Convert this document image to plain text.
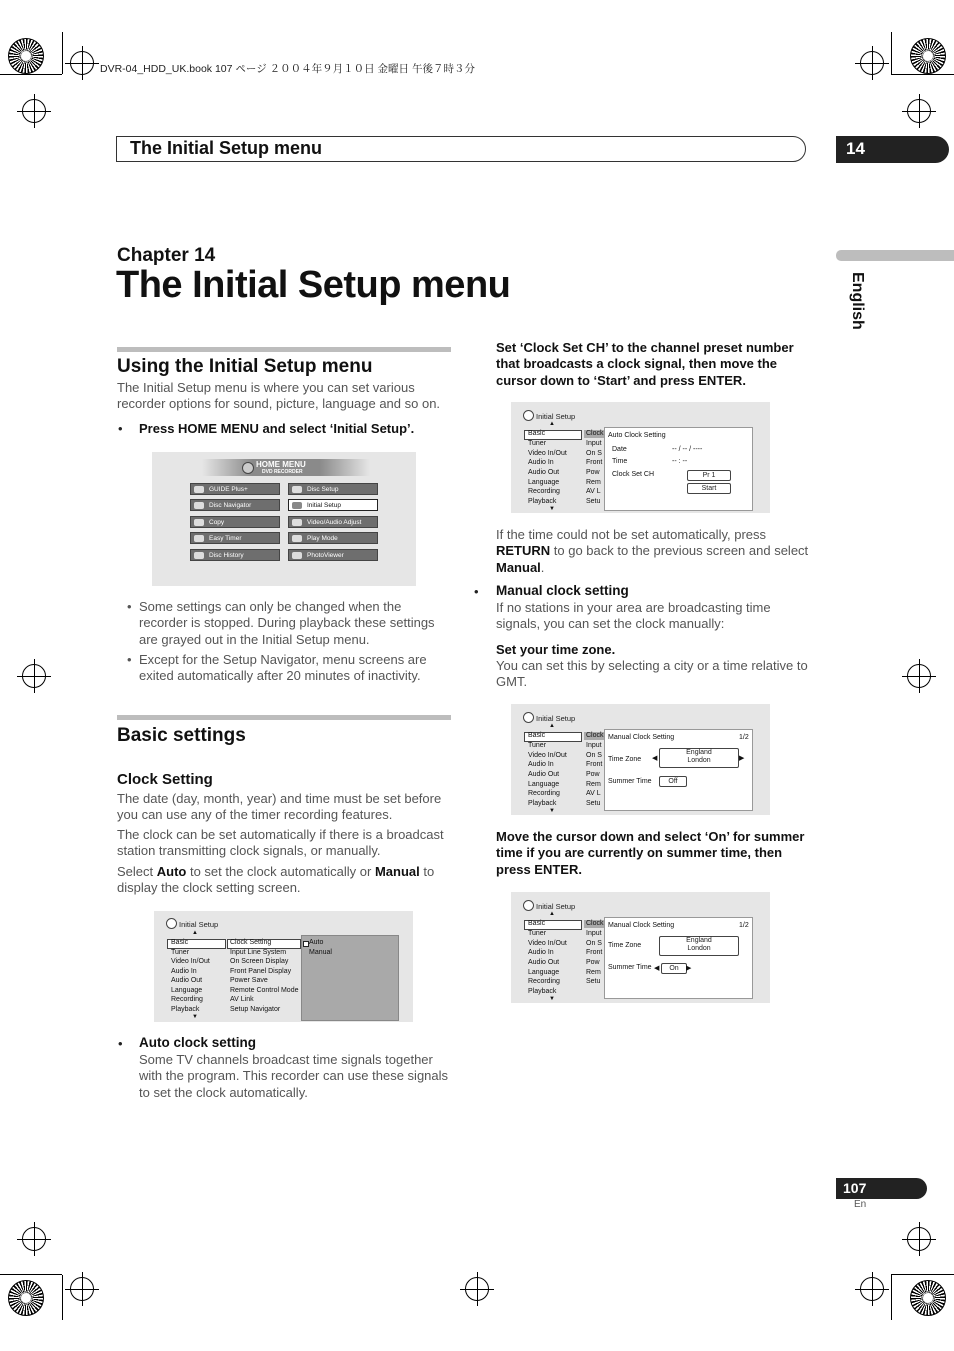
DVR-04_HDD_UK.book 107 ページ ２００４年９月１０日 金曜日 午後７時３分
The Initial Setup menu	14
English
Chapter 14
The Initial Setup menu
Using the Initial Setup menu
The Initial Setup menu is where you can set various recorder options for sound, picture, language and so on.
• Press HOME MENU and select ‘Initial Setup’.
HOME MENU
DVD RECORDER
GUIDE Plus+
Disc Navigator
Copy
Easy Timer
Disc History
Disc Setup
Initial Setup
Video/Audio Adjust
Play Mode
PhotoViewer
• Some settings can only be changed when the recorder is stopped. During playback these settings are grayed out in the Initial Setup menu.
• Except for the Setup Navigator, menu screens are exited automatically after 20 minutes of inactivity.
Basic settings
Clock Setting
The date (day, month, year) and time must be set before you can use any of the timer recording features.
The clock can be set automatically if there is a broadcast station transmitting clock signals, or manually.
Select Auto to set the clock automatically or Manual to display the clock setting screen.
Initial Setup
▲
Basic
Tuner
Video In/Out
Audio In
Audio Out
Language
Recording
Playback
▼
Clock Setting
Input Line System
On Screen Display
Front Panel Display
Power Save
Remote Control Mode
AV Link
Setup Navigator
Auto
Manual
• Auto clock setting
Some TV channels broadcast time signals together with the program. This recorder can use these signals to set the clock automatically.
Set ‘Clock Set CH’ to the channel preset number that broadcasts a clock signal, then move the cursor down to ‘Start’ and press ENTER.
Initial Setup
▲
Basic
Tuner
Video In/Out
Audio In
Audio Out
Language
Recording
Playback
▼
Clock
Input
On S
Front
Pow
Rem
AV L
Setu
Auto Clock Setting
Date	-- / -- / ----
Time	-- : --
Clock Set CH	Pr 1
Start
If the time could not be set automatically, press RETURN to go back to the previous screen and select Manual.
• Manual clock setting
If no stations in your area are broadcasting time signals, you can set the clock manually:
Set your time zone.
You can set this by selecting a city or a time relative to GMT.
Initial Setup
▲
Basic
Tuner
Video In/Out
Audio In
Audio Out
Language
Recording
Playback
▼
Clock
Input
On S
Front
Pow
Rem
AV L
Setu
Manual Clock Setting	1/2
Time Zone ◀
England
London	▶
Summer Time	Off
Move the cursor down and select ‘On’ for summer time if you are currently on summer time, then press ENTER.
Initial Setup
▲
Basic
Tuner
Video In/Out
Audio In
Audio Out
Language
Recording
Playback
▼
Clock
Input
On S
Front
Pow
Rem
Setu
Manual Clock Setting	1/2
Time Zone
England
London
Summer Time ◀	On	▶
107
En
